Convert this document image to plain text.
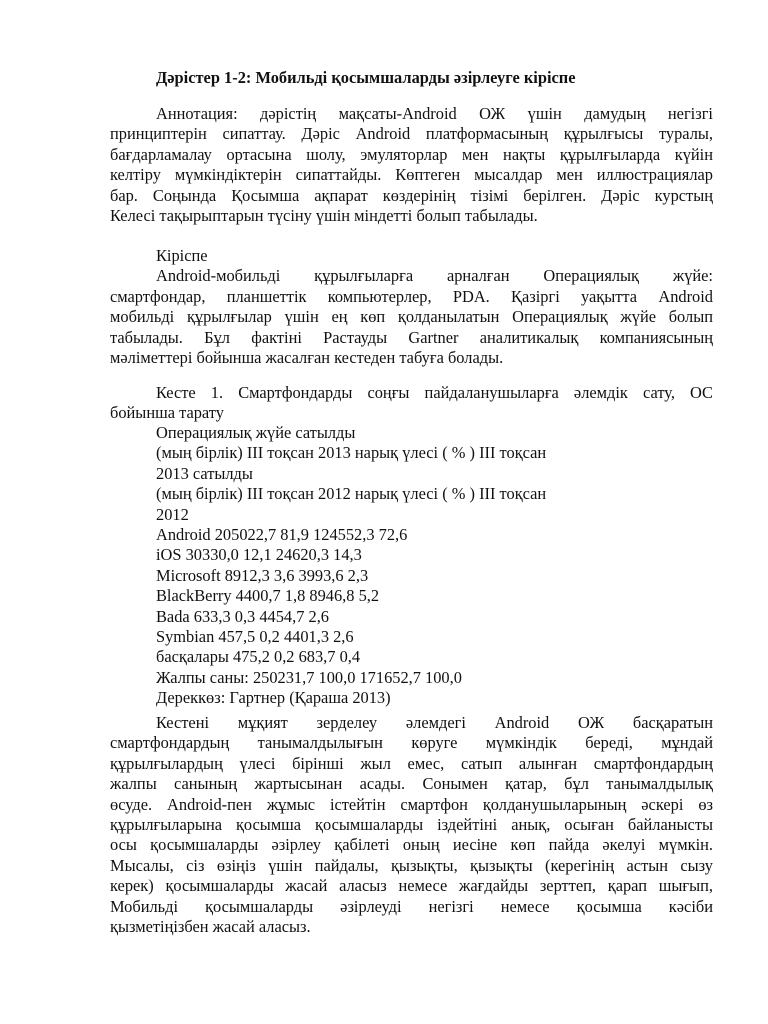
Дәрістер 1-2: Мобильді қосымшаларды әзірлеуге кіріспе
Аннотация: дәрістің мақсаты-Android ОЖ үшін дамудың негізгі
принциптерін сипаттау. Дәріс Android платформасының құрылғысы туралы,
бағдарламалау ортасына шолу, эмуляторлар мен нақты құрылғыларда күйін
келтіру мүмкіндіктерін сипаттайды. Көптеген мысалдар мен иллюстрациялар
бар. Соңында Қосымша ақпарат көздерінің тізімі берілген. Дәріс курстың
Келесі тақырыптарын түсіну үшін міндетті болып табылады.
Кіріспе
Android-мобильді құрылғыларға арналған Операциялық жүйе:
смартфондар, планшеттік компьютерлер, PDA. Қазіргі уақытта Android
мобильді құрылғылар үшін ең көп қолданылатын Операциялық жүйе болып
табылады. Бұл фактіні Растауды Gartner аналитикалық компаниясының
мәліметтері бойынша жасалған кестеден табуға болады.
Кесте 1. Смартфондарды соңғы пайдаланушыларға әлемдік сату, ОС
бойынша тарату
Операциялық жүйе сатылды
(мың бірлік) III тоқсан 2013 нарық үлесі ( % ) III тоқсан
2013 сатылды
(мың бірлік) III тоқсан 2012 нарық үлесі ( % ) III тоқсан
2012
Android 205022,7 81,9 124552,3 72,6
iOS 30330,0 12,1 24620,3 14,3
Microsoft 8912,3 3,6 3993,6 2,3
BlackBerry 4400,7 1,8 8946,8 5,2
Bada 633,3 0,3 4454,7 2,6
Symbian 457,5 0,2 4401,3 2,6
басқалары 475,2 0,2 683,7 0,4
Жалпы саны: 250231,7 100,0 171652,7 100,0
Дереккөз: Гартнер (Қараша 2013)
Кестені мұқият зерделеу әлемдегі Android ОЖ басқаратын
смартфондардың танымалдылығын көруге мүмкіндік береді, мұндай
құрылғылардың үлесі бірінші жыл емес, сатып алынған смартфондардың
жалпы санының жартысынан асады. Сонымен қатар, бұл танымалдылық
өсуде. Android-пен жұмыс істейтін смартфон қолданушыларының әскері өз
құрылғыларына қосымша қосымшаларды іздейтіні анық, осыған байланысты
осы қосымшаларды әзірлеу қабілеті оның иесіне көп пайда әкелуі мүмкін.
Мысалы, сіз өзіңіз үшін пайдалы, қызықты, қызықты (керегінің астын сызу
керек) қосымшаларды жасай аласыз немесе жағдайды зерттеп, қарап шығып,
Мобильді қосымшаларды әзірлеуді негізгі немесе қосымша кәсіби
қызметіңізбен жасай аласыз.
